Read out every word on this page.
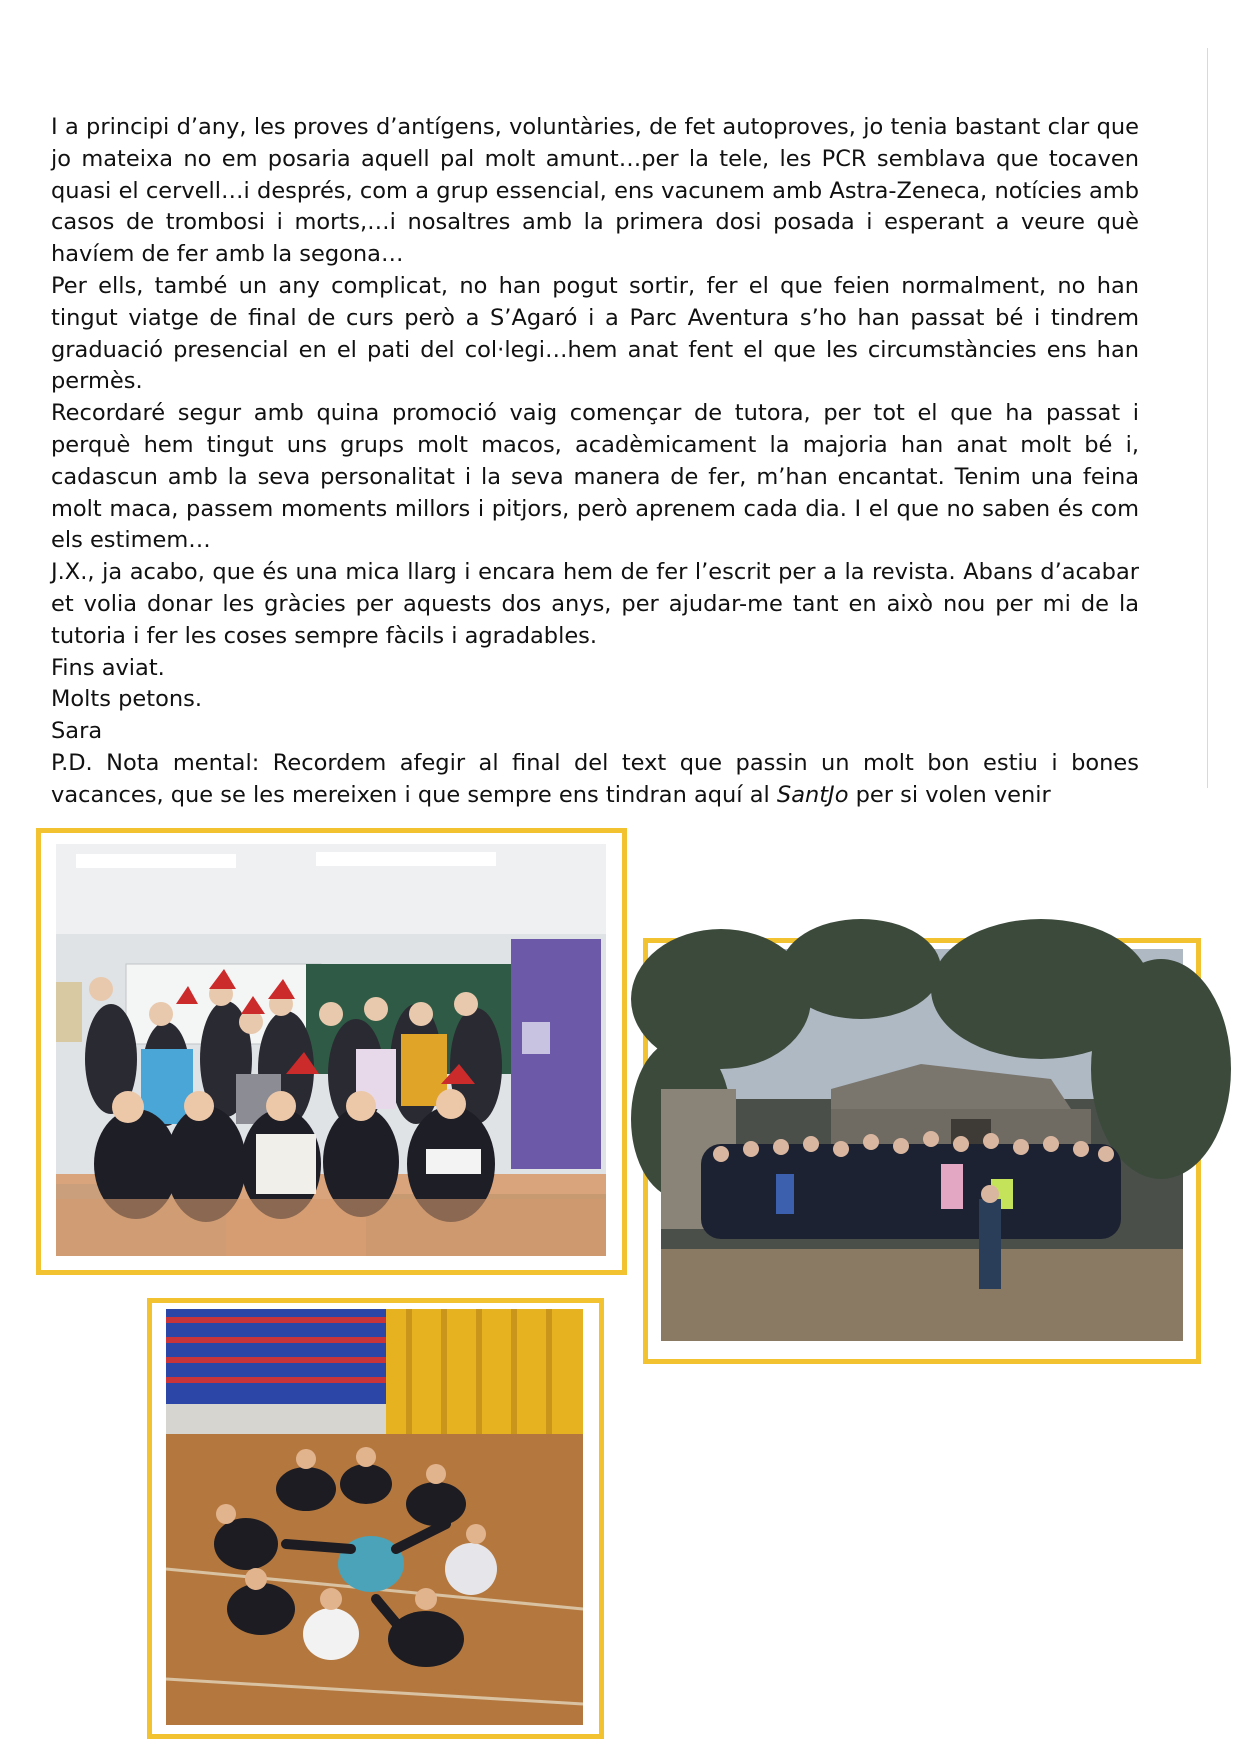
I a principi d’any, les proves d’antígens, voluntàries, de fet autoproves, jo tenia bastant clar que jo mateixa no em posaria aquell pal molt amunt…per la tele, les PCR semblava que tocaven quasi el cervell…i després, com a grup essencial, ens vacunem amb Astra-Zeneca, notícies amb casos de trombosi i morts,…i nosaltres amb la primera dosi posada i esperant a veure què havíem de fer amb la segona…

Per ells, també un any complicat, no han pogut sortir, fer el que feien normalment, no han tingut viatge de final de curs però a S’Agaró i a Parc Aventura s’ho han passat bé i tindrem graduació presencial en el pati del col·legi…hem anat fent el que les circumstàncies ens han permès.

Recordaré segur amb quina promoció vaig començar de tutora, per tot el que ha passat i perquè hem tingut uns grups molt macos, acadèmicament la majoria han anat molt bé i, cadascun amb la seva personalitat i la seva manera de fer, m’han encantat. Tenim una feina molt maca, passem moments millors i pitjors, però aprenem cada dia. I el que no saben és com els estimem…

J.X., ja acabo, que és una mica llarg i encara hem de fer l’escrit per a la revista. Abans d’acabar et volia donar les gràcies per aquests dos anys, per ajudar-me tant en això nou per mi de la tutoria i fer les coses sempre fàcils i agradables.

Fins aviat.

Molts petons.

Sara

P.D. Nota mental: Recordem afegir al final del text que passin un molt bon estiu i bones vacances, que se les mereixen i que sempre ens tindran aquí al SantJo per si volen venir
